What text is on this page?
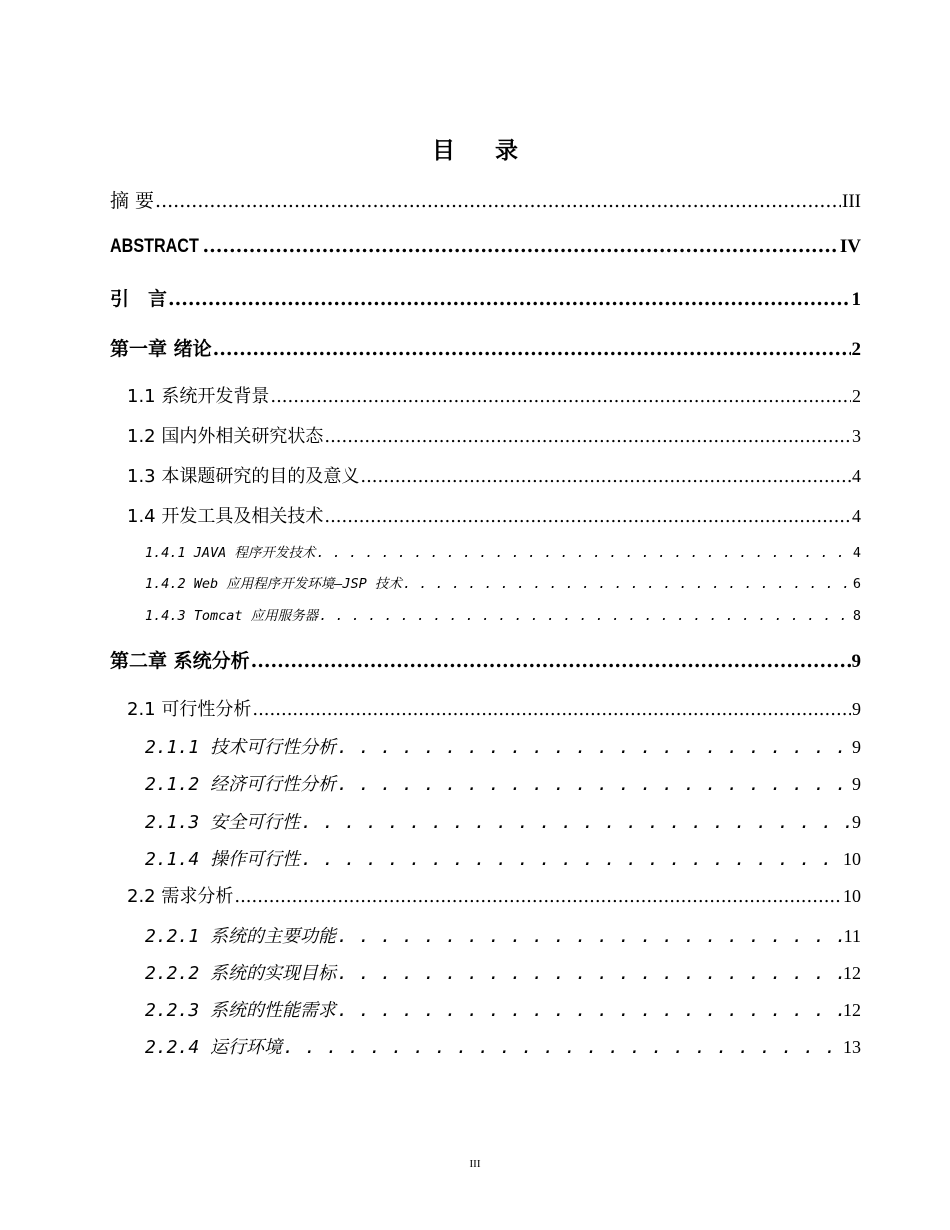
目 录
摘 要 .....	III
ABSTRACT .....	IV
引　言 .....	1
第一章 绪论 .....	2
1.1 系统开发背景 .....	2
1.2 国内外相关研究状态 .....	3
1.3 本课题研究的目的及意义 .....	4
1.4 开发工具及相关技术 .....	4
1.4.1 JAVA 程序开发技术 . . .	4
1.4.2 Web 应用程序开发环境—JSP 技术 . . .	6
1.4.3 Tomcat 应用服务器 . . .	8
第二章 系统分析 .....	9
2.1 可行性分析 .....	9
2.1.1 技术可行性分析 . . .	9
2.1.2 经济可行性分析 . . .	9
2.1.3 安全可行性 . . .	9
2.1.4 操作可行性 . . .	10
2.2 需求分析 .....	10
2.2.1 系统的主要功能 . . .	11
2.2.2 系统的实现目标 . . .	12
2.2.3 系统的性能需求 . . .	12
2.2.4 运行环境 . . .	13
III
